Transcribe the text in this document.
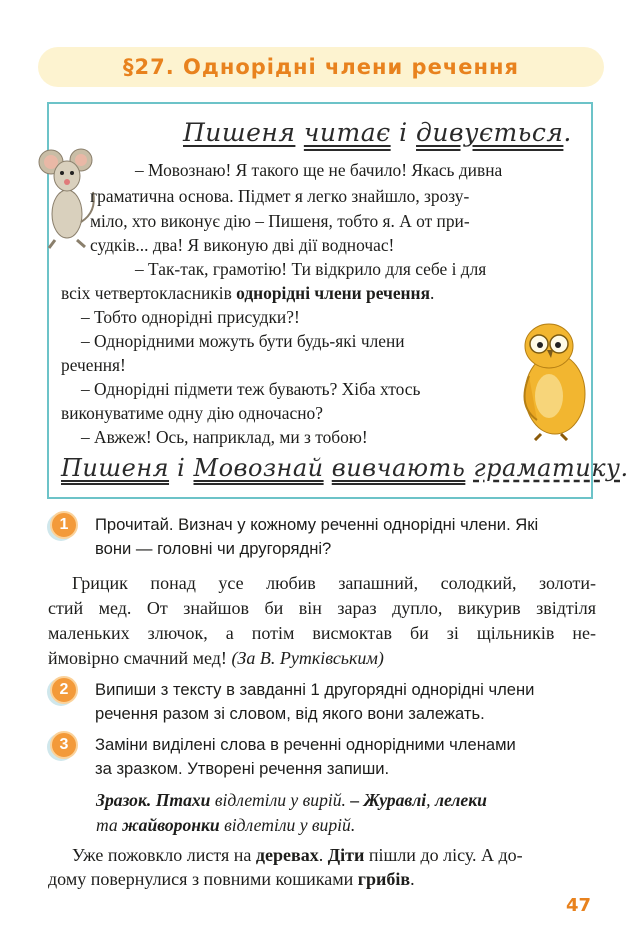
§27. Однорідні члени речення
Пишеня читає і дивується.
– Мовознаю! Я такого ще не бачило! Якась дивна
граматична основа. Підмет я легко знайшло, зрозу-
міло, хто виконує дію – Пишеня, тобто я. А от при-
судків... два! Я виконую дві дії водночас!
– Так-так, грамотію! Ти відкрило для себе і для
всіх четвертокласників однорідні члени речення.
– Тобто однорідні присудки?!
– Однорідними можуть бути будь-які члени
речення!
– Однорідні підмети теж бувають? Хіба хтось
виконуватиме одну дію одночасно?
– Авжеж! Ось, наприклад, ми з тобою!
Пишеня і Мовознай вивчають граматику.
1	Прочитай. Визнач у кожному реченні однорідні члени. Які
вони — головні чи другорядні?
Грицик понад усе любив запашний, солодкий, золоти-
стий мед. От знайшов би він зараз дупло, викурив звідтіля
маленьких злючок, а потім висмоктав би зі щільників не-
ймовірно смачний мед! (За В. Рутківським)
2	Випиши з тексту в завданні 1 другорядні однорідні члени
речення разом зі словом, від якого вони залежать.
3	Заміни виділені слова в реченні однорідними членами
за зразком. Утворені речення запиши.
Зразок. Птахи відлетіли у вирій. – Журавлі, лелеки
та жайворонки відлетіли у вирій.
Уже пожовкло листя на деревах. Діти пішли до лісу. А до-
дому повернулися з повними кошиками грибів.
47
